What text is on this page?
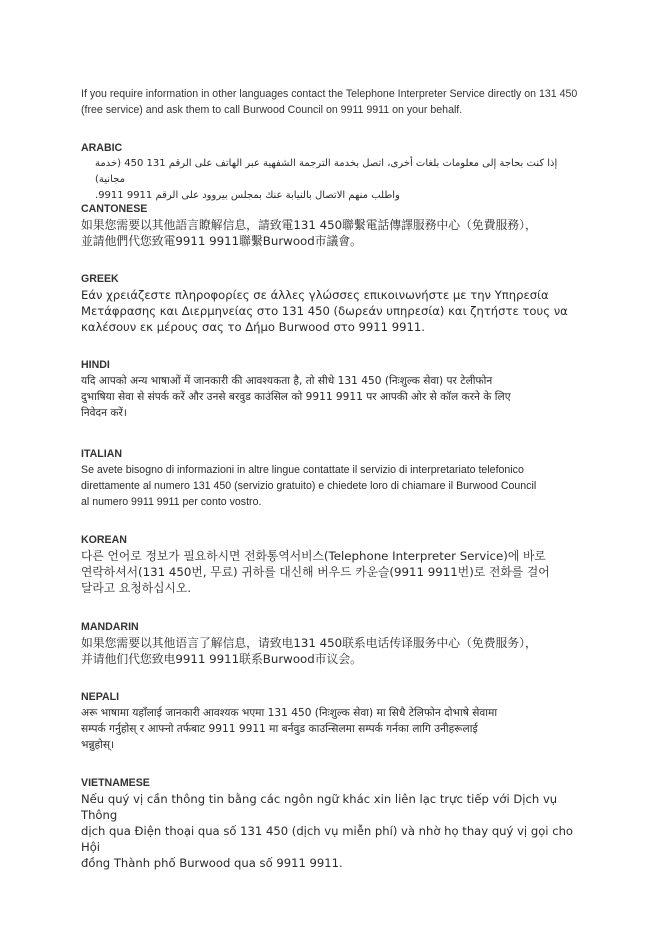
If you require information in other languages contact the Telephone Interpreter Service directly on 131 450 (free service) and ask them to call Burwood Council on 9911 9911 on your behalf.

ARABIC

إذا كنت بحاجة إلى معلومات بلغات أخرى، اتصل بخدمة الترجمة الشفهية عبر الهاتف على الرقم 131 450 (خدمة مجانية)
واطلب منهم الاتصال بالنيابة عنك بمجلس بيروود على الرقم 9911 9911.

CANTONESE

如果您需要以其他語言瞭解信息，請致電131 450聯繫電話傳譯服務中心（免費服務），
並請他們代您致電9911 9911聯繫Burwood市議會。

GREEK

Εάν χρειάζεστε πληροφορίες σε άλλες γλώσσες επικοινωνήστε με την Υπηρεσία
Μετάφρασης και Διερμηνείας στο 131 450 (δωρεάν υπηρεσία) και ζητήστε τους να
καλέσουν εκ μέρους σας το Δήμο Burwood στο 9911 9911.

HINDI

यदि आपको अन्य भाषाओं में जानकारी की आवश्यकता है, तो सीधे 131 450 (निःशुल्क सेवा) पर टेलीफोन
दुभाषिया सेवा से संपर्क करें और उनसे बरवुड काउंसिल को 9911 9911 पर आपकी ओर से कॉल करने के लिए
निवेदन करें।

ITALIAN

Se avete bisogno di informazioni in altre lingue contattate il servizio di interpretariato telefonico
direttamente al numero 131 450 (servizio gratuito) e chiedete loro di chiamare il Burwood Council
al numero 9911 9911 per conto vostro.

KOREAN

다른 언어로 정보가 필요하시면 전화통역서비스(Telephone Interpreter Service)에 바로
연락하셔서(131 450번, 무료) 귀하를 대신해 버우드 카운슬(9911 9911번)로 전화를 걸어
달라고 요청하십시오.

MANDARIN

如果您需要以其他语言了解信息，请致电131 450联系电话传译服务中心（免费服务），
并请他们代您致电9911 9911联系Burwood市议会。

NEPALI

अरू भाषामा यहाँलाई जानकारी आवश्यक भएमा 131 450 (निःशुल्क सेवा) मा सिधै टेलिफोन दोभाषे सेवामा
सम्पर्क गर्नुहोस् र आफ्नो तर्फबाट 9911 9911 मा बर्नवुड काउन्सिलमा सम्पर्क गर्नका लागि उनीहरूलाई
भन्नुहोस्।

VIETNAMESE

Nếu quý vị cần thông tin bằng các ngôn ngữ khác xin liên lạc trực tiếp với Dịch vụ Thông
dịch qua Điện thoại qua số 131 450 (dịch vụ miễn phí) và nhờ họ thay quý vị gọi cho Hội
đồng Thành phố Burwood qua số 9911 9911.
